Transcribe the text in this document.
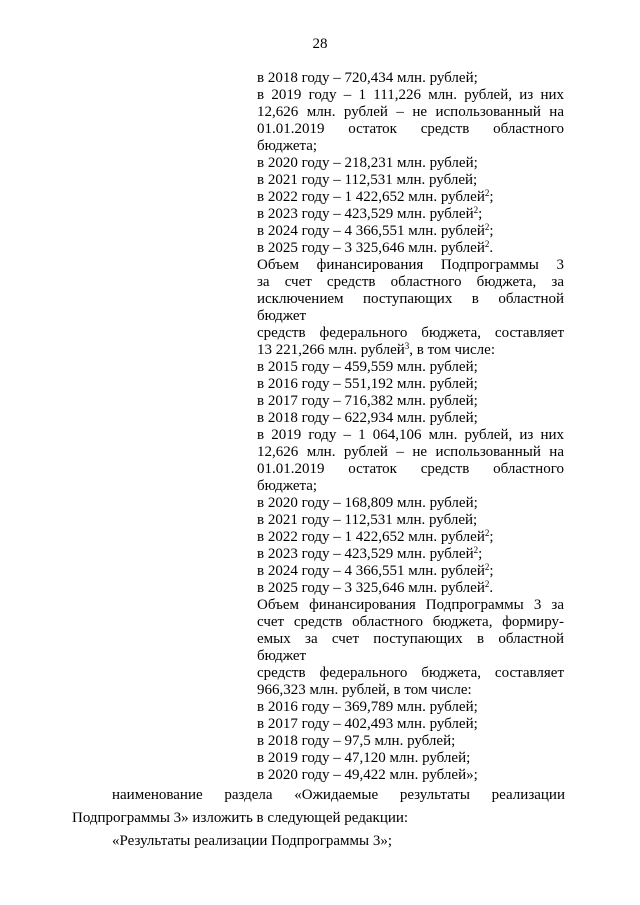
28
в 2018 году – 720,434 млн. рублей;
в 2019 году – 1 111,226 млн. рублей, из них
12,626 млн. рублей – не использованный на
01.01.2019 остаток средств областного
бюджета;
в 2020 году – 218,231 млн. рублей;
в 2021 году – 112,531 млн. рублей;
в 2022 году – 1 422,652 млн. рублей$^2$;
в 2023 году – 423,529 млн. рублей$^2$;
в 2024 году – 4 366,551 млн. рублей$^2$;
в 2025 году – 3 325,646 млн. рублей$^2$.
Объем финансирования Подпрограммы 3
за счет средств областного бюджета, за
исключением поступающих в областной бюджет
средств федерального бюджета, составляет
13 221,266 млн. рублей$^3$, в том числе:
в 2015 году – 459,559 млн. рублей;
в 2016 году – 551,192 млн. рублей;
в 2017 году – 716,382 млн. рублей;
в 2018 году – 622,934 млн. рублей;
в 2019 году – 1 064,106 млн. рублей, из них
12,626 млн. рублей – не использованный на
01.01.2019 остаток средств областного
бюджета;
в 2020 году – 168,809 млн. рублей;
в 2021 году – 112,531 млн. рублей;
в 2022 году – 1 422,652 млн. рублей$^2$;
в 2023 году – 423,529 млн. рублей$^2$;
в 2024 году – 4 366,551 млн. рублей$^2$;
в 2025 году – 3 325,646 млн. рублей$^2$.
Объем финансирования Подпрограммы 3 за
счет средств областного бюджета, формиру-
емых за счет поступающих в областной бюджет
средств федерального бюджета, составляет
966,323 млн. рублей, в том числе:
в 2016 году – 369,789 млн. рублей;
в 2017 году – 402,493 млн. рублей;
в 2018 году – 97,5 млн. рублей;
в 2019 году – 47,120 млн. рублей;
в 2020 году – 49,422 млн. рублей»;
наименование раздела «Ожидаемые результаты реализации
Подпрограммы 3» изложить в следующей редакции:
«Результаты реализации Подпрограммы 3»;
